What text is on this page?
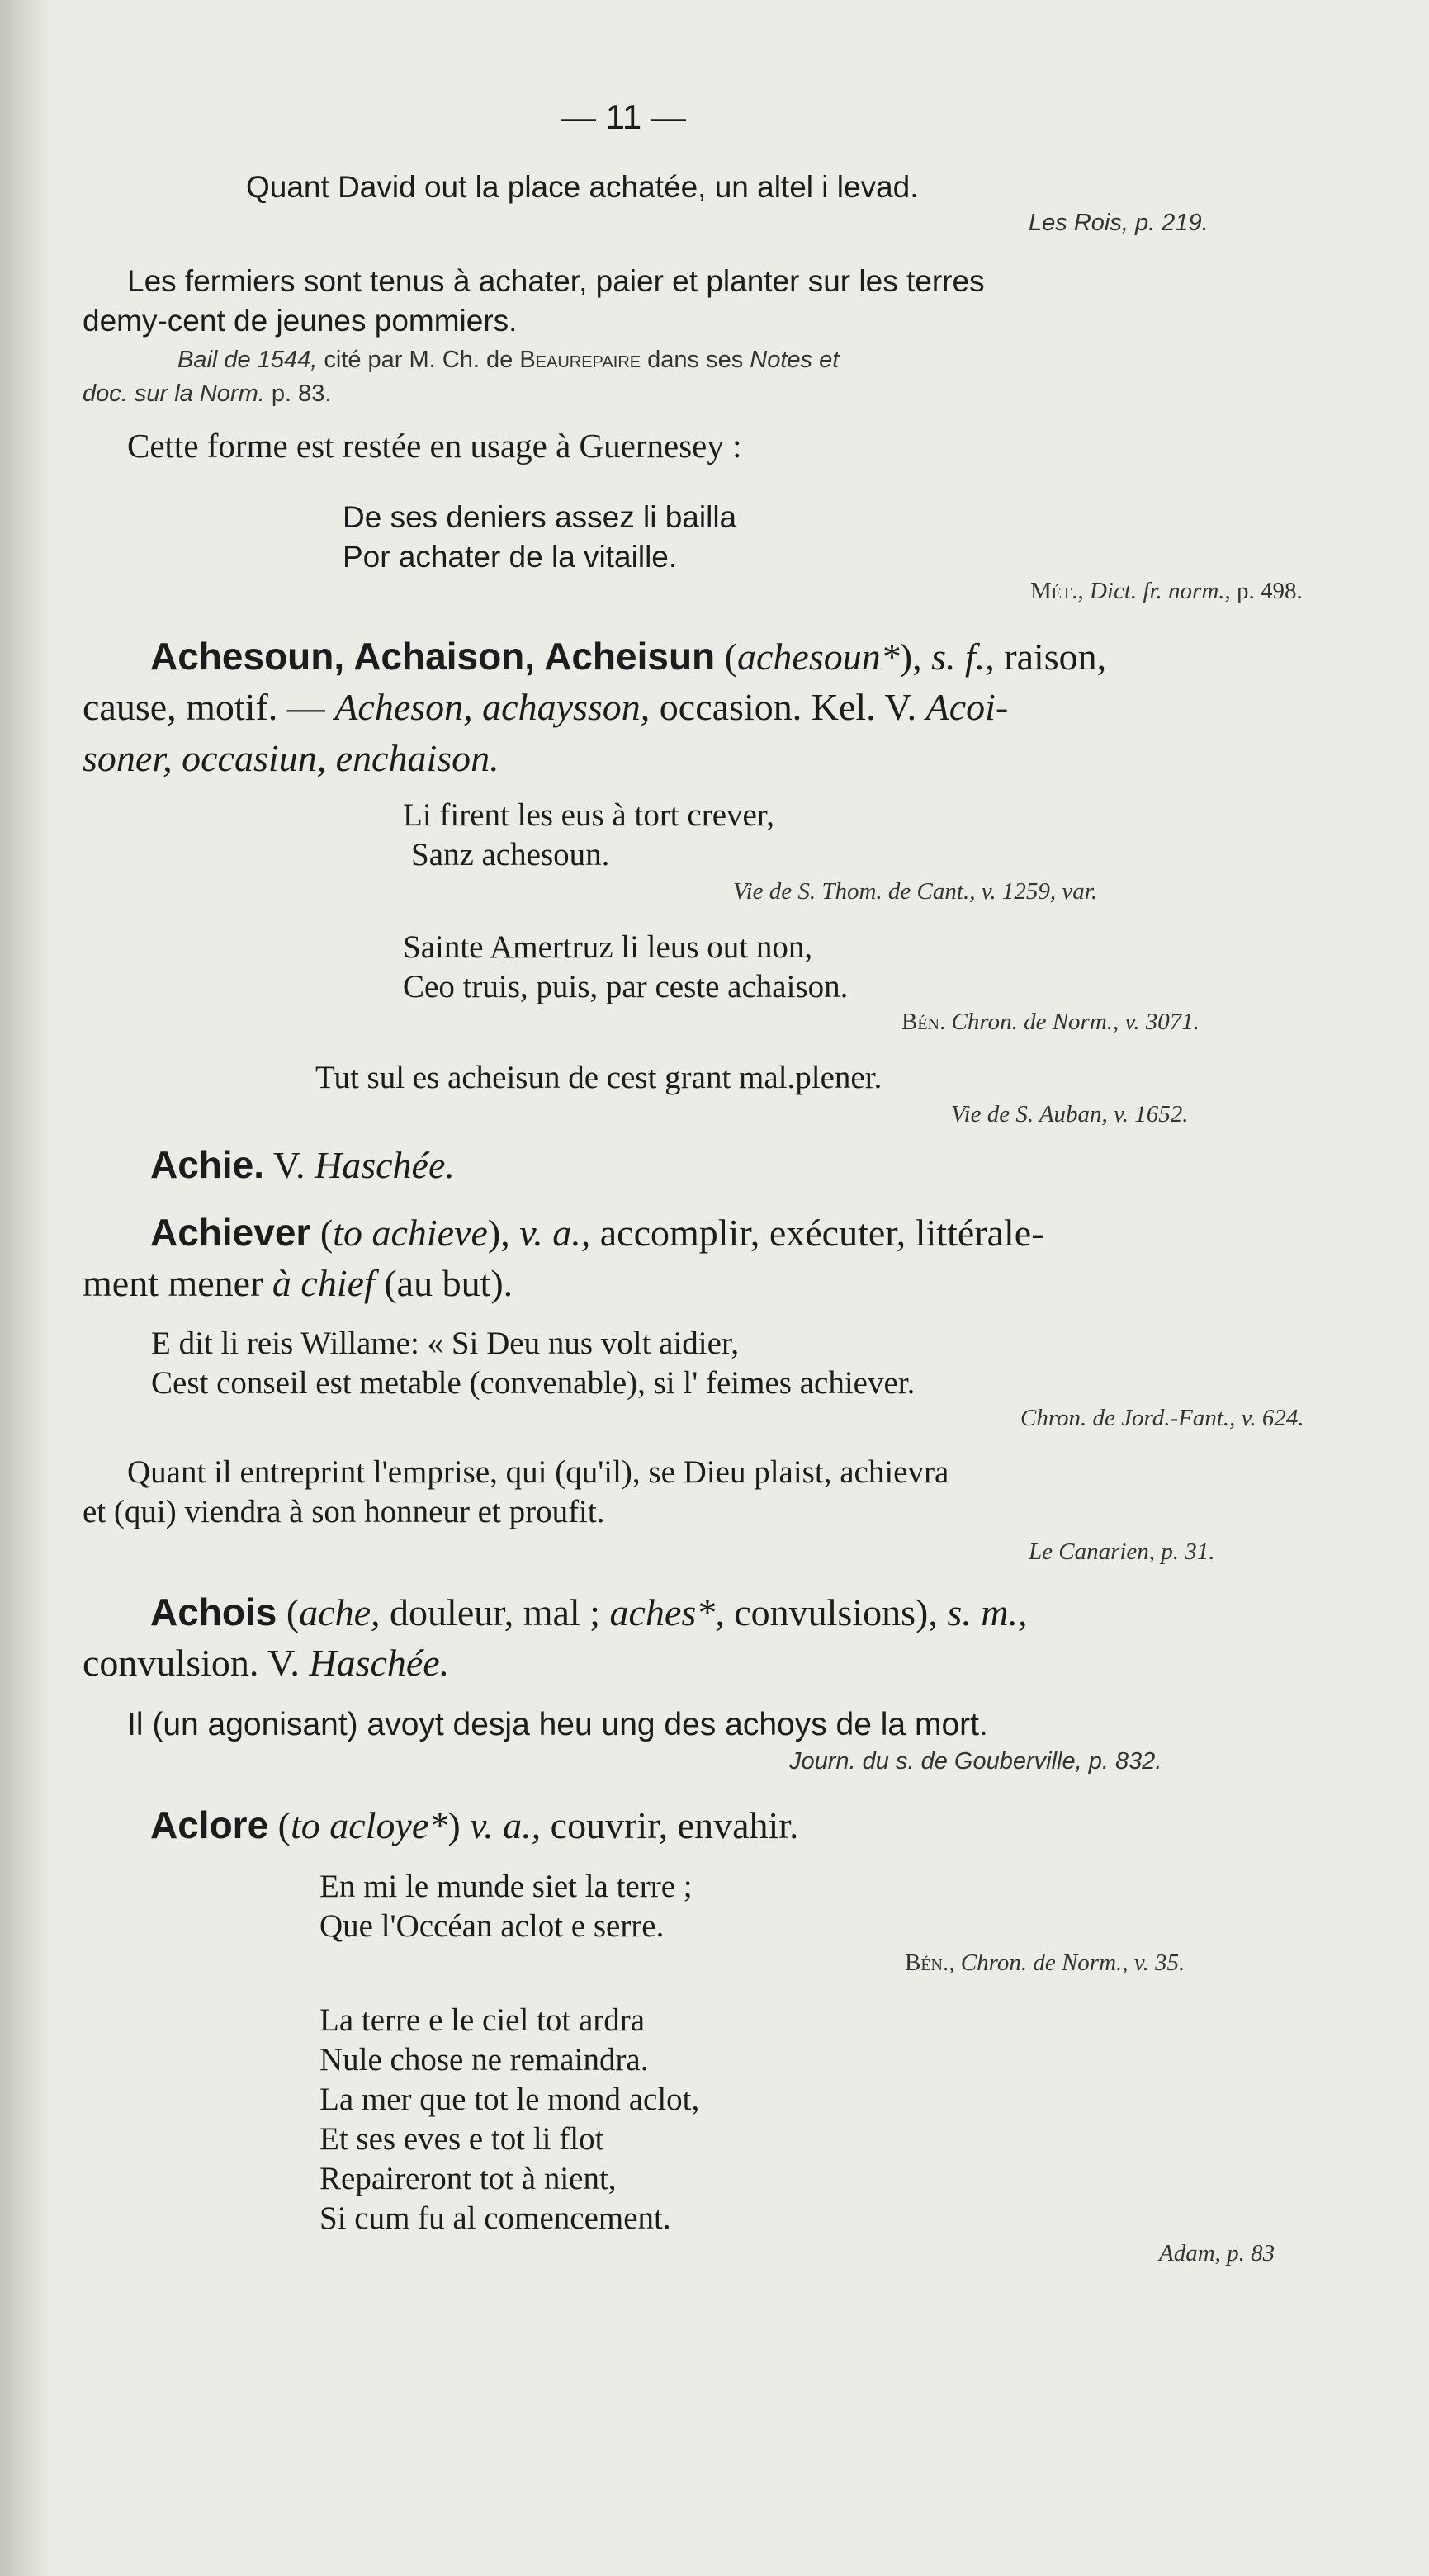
— 11 —
Quant David out la place achatée, un altel i levad.
Les Rois, p. 219.
Les fermiers sont tenus à achater, paier et planter sur les terres
demy-cent de jeunes pommiers.
Bail de 1544, cité par M. Ch. de Beaurepaire dans ses Notes et
doc. sur la Norm. p. 83.
Cette forme est restée en usage à Guernesey :
De ses deniers assez li bailla
Por achater de la vitaille.
Mét., Dict. fr. norm., p. 498.
Achesoun, Achaison, Acheisun (achesoun*), s. f., raison,
cause, motif. — Acheson, achaysson, occasion. Kel. V. Acoi-
soner, occasiun, enchaison.
Li firent les eus à tort crever,
Sanz achesoun.
Vie de S. Thom. de Cant., v. 1259, var.
Sainte Amertruz li leus out non,
Ceo truis, puis, par ceste achaison.
Bén. Chron. de Norm., v. 3071.
Tut sul es acheisun de cest grant mal.plener.
Vie de S. Auban, v. 1652.
Achie. V. Haschée.
Achiever (to achieve), v. a., accomplir, exécuter, littérale-
ment mener à chief (au but).
E dit li reis Willame: « Si Deu nus volt aidier,
Cest conseil est metable (convenable), si l' feimes achiever.
Chron. de Jord.-Fant., v. 624.
Quant il entreprint l'emprise, qui (qu'il), se Dieu plaist, achievra
et (qui) viendra à son honneur et proufit.
Le Canarien, p. 31.
Achois (ache, douleur, mal ; aches*, convulsions), s. m.,
convulsion. V. Haschée.
Il (un agonisant) avoyt desja heu ung des achoys de la mort.
Journ. du s. de Gouberville, p. 832.
Aclore (to acloye*) v. a., couvrir, envahir.
En mi le munde siet la terre ;
Que l'Occéan aclot e serre.
Bén., Chron. de Norm., v. 35.
La terre e le ciel tot ardra
Nule chose ne remaindra.
La mer que tot le mond aclot,
Et ses eves e tot li flot
Repaireront tot à nient,
Si cum fu al comencement.
Adam, p. 83
